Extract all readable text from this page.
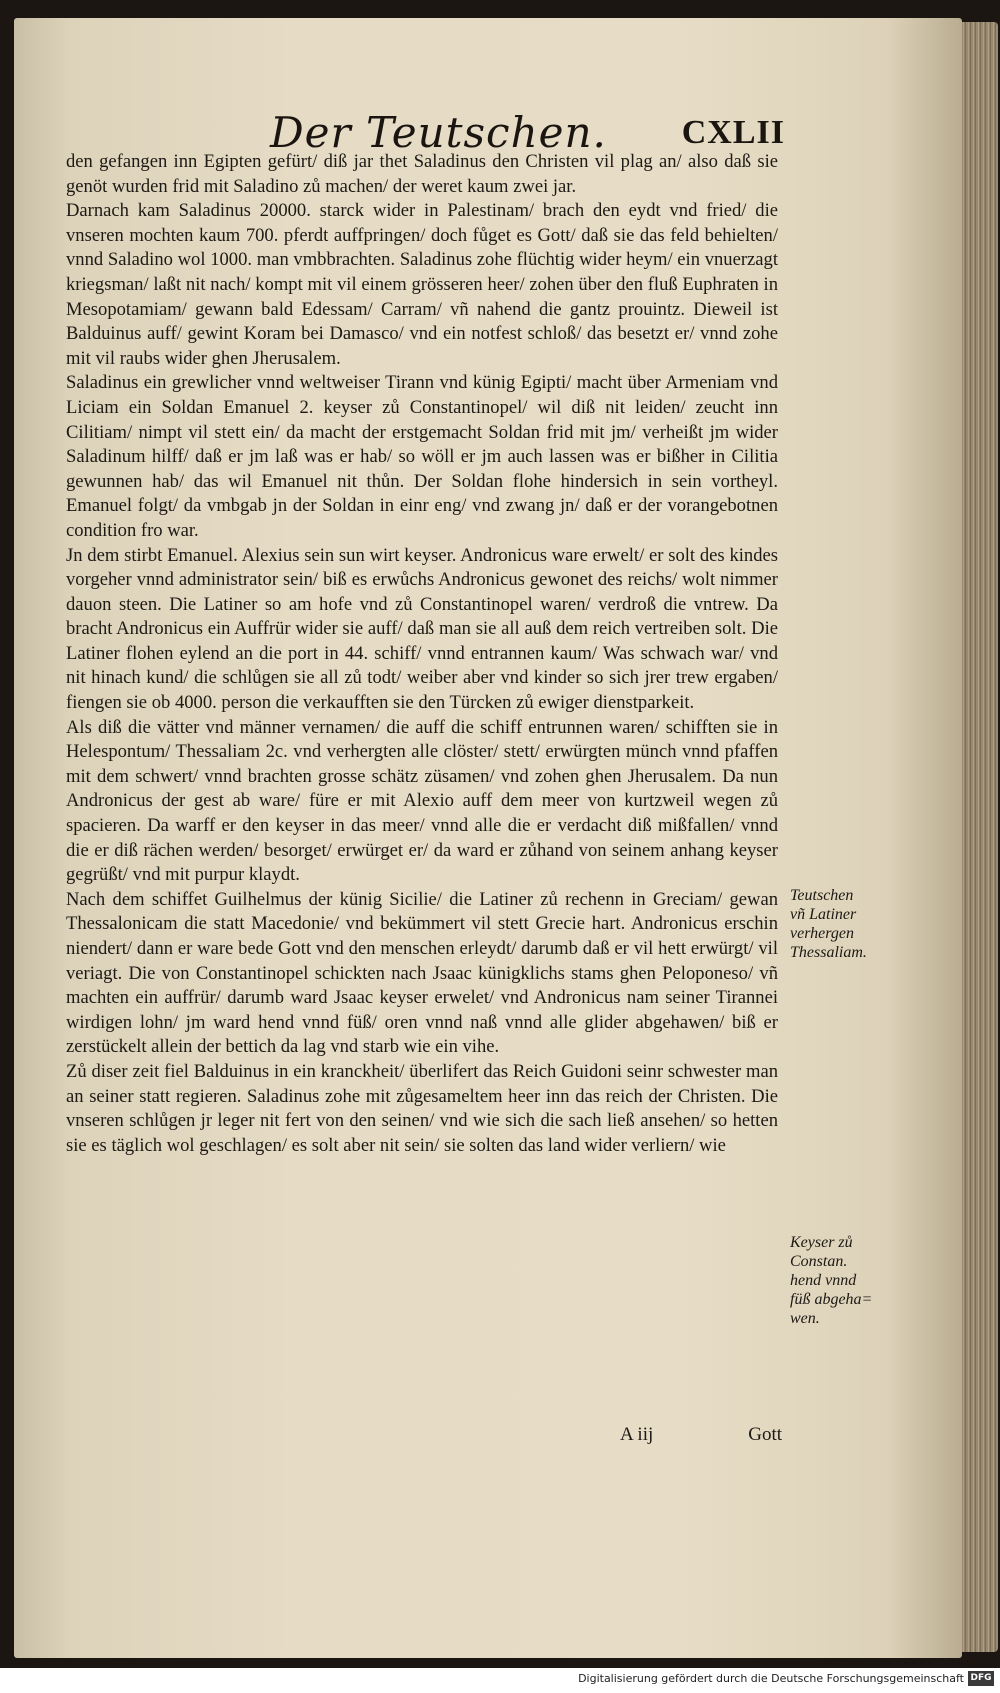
Der Teutschen. CXLII

den gefangen inn Egipten gefürt/ diß jar thet Saladinus den Christen vil plag an/ also daß sie genöt wurden frid mit Saladino zů machen/ der weret kaum zwei jar.

Darnach kam Saladinus 20000. starck wider in Palestinam/ brach den eydt vnd fried/ die vnseren mochten kaum 700. pferdt auffpringen/ doch fůget es Gott/ daß sie das feld behielten/ vnnd Saladino wol 1000. man vmbbrachten. Saladinus zohe flüchtig wider heym/ ein vnuerzagt kriegsman/ laßt nit nach/ kompt mit vil einem grösseren heer/ zohen über den fluß Euphraten in Mesopotamiam/ gewann bald Edessam/ Carram/ vñ nahend die gantz prouintz. Dieweil ist Balduinus auff/ gewint Koram bei Damasco/ vnd ein notfest schloß/ das besetzt er/ vnnd zohe mit vil raubs wider ghen Jherusalem.

Saladinus ein grewlicher vnnd weltweiser Tirann vnd künig Egipti/ macht über Armeniam vnd Liciam ein Soldan Emanuel 2. keyser zů Constantinopel/ wil diß nit leiden/ zeucht inn Cilitiam/ nimpt vil stett ein/ da macht der erstgemacht Soldan frid mit jm/ verheißt jm wider Saladinum hilff/ daß er jm laß was er hab/ so wöll er jm auch lassen was er bißher in Cilitia gewunnen hab/ das wil Emanuel nit thůn. Der Soldan flohe hindersich in sein vortheyl. Emanuel folgt/ da vmbgab jn der Soldan in einr eng/ vnd zwang jn/ daß er der vorangebotnen condition fro war.

Jn dem stirbt Emanuel. Alexius sein sun wirt keyser. Andronicus ware erwelt/ er solt des kindes vorgeher vnnd administrator sein/ biß es erwůchs Andronicus gewonet des reichs/ wolt nimmer dauon steen. Die Latiner so am hofe vnd zů Constantinopel waren/ verdroß die vntrew. Da bracht Andronicus ein Auffrür wider sie auff/ daß man sie all auß dem reich vertreiben solt. Die Latiner flohen eylend an die port in 44. schiff/ vnnd entrannen kaum/ Was schwach war/ vnd nit hinach kund/ die schlůgen sie all zů todt/ weiber aber vnd kinder so sich jrer trew ergaben/ fiengen sie ob 4000. person die verkaufften sie den Türcken zů ewiger dienstparkeit.

Als diß die vätter vnd männer vernamen/ die auff die schiff entrunnen waren/ schifften sie in Helespontum/ Thessaliam 2c. vnd verhergten alle clöster/ stett/ erwürgten münch vnnd pfaffen mit dem schwert/ vnnd brachten grosse schätz züsamen/ vnd zohen ghen Jherusalem. Da nun Andronicus der gest ab ware/ füre er mit Alexio auff dem meer von kurtzweil wegen zů spacieren. Da warff er den keyser in das meer/ vnnd alle die er verdacht diß mißfallen/ vnnd die er diß rächen werden/ besorget/ erwürget er/ da ward er zůhand von seinem anhang keyser gegrüßt/ vnd mit purpur klaydt.

Nach dem schiffet Guilhelmus der künig Sicilie/ die Latiner zů rechenn in Greciam/ gewan Thessalonicam die statt Macedonie/ vnd bekümmert vil stett Grecie hart. Andronicus erschin niendert/ dann er ware bede Gott vnd den menschen erleydt/ darumb daß er vil hett erwürgt/ vil veriagt. Die von Constantinopel schickten nach Jsaac künigklichs stams ghen Peloponeso/ vñ machten ein auffrür/ darumb ward Jsaac keyser erwelet/ vnd Andronicus nam seiner Tirannei wirdigen lohn/ jm ward hend vnnd füß/ oren vnnd naß vnnd alle glider abgehawen/ biß er zerstückelt allein der bettich da lag vnd starb wie ein vihe.

Zů diser zeit fiel Balduinus in ein kranckheit/ überlifert das Reich Guidoni seinr schwester man an seiner statt regieren. Saladinus zohe mit zůgesameltem heer inn das reich der Christen. Die vnseren schlůgen jr leger nit fert von den seinen/ vnd wie sich die sach ließ ansehen/ so hetten sie es täglich wol geschlagen/ es solt aber nit sein/ sie solten das land wider verliern/ wie

A iij	Gott
Teutschen
vñ Latiner
verhergen
Thessaliam.
Keyser zů
Constan.
hend vnnd
füß abgeha=
wen.
Digitalisierung gefördert durch die Deutsche Forschungsgemeinschaft DFG
